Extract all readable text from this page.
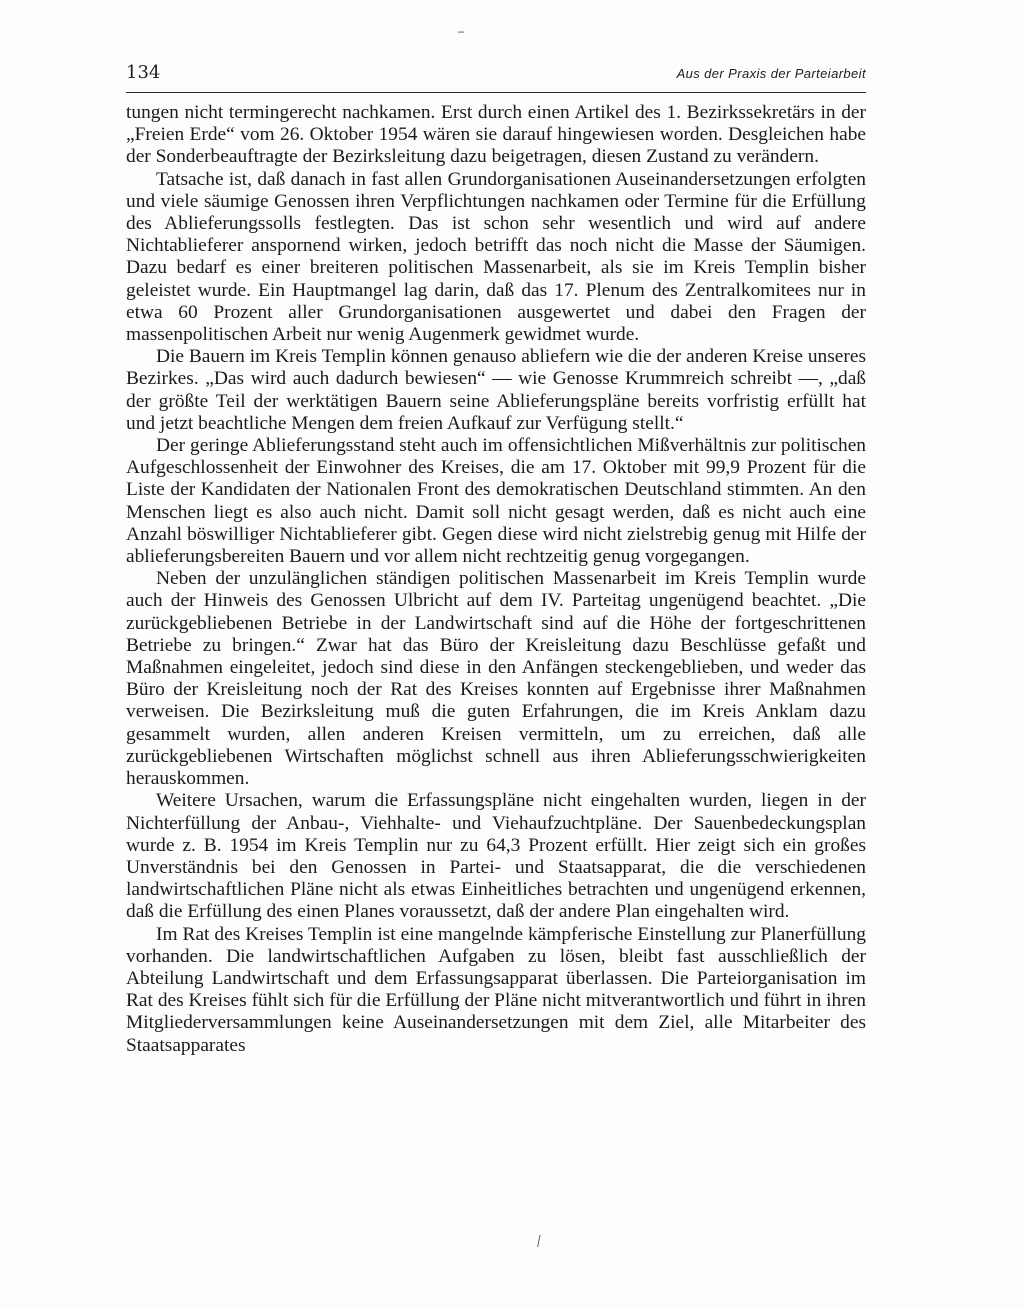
‾
134	Aus der Praxis der Parteiarbeit

tungen nicht termingerecht nachkamen. Erst durch einen Artikel des 1. Bezirkssekretärs in der „Freien Erde“ vom 26. Oktober 1954 wären sie darauf hingewiesen worden. Desgleichen habe der Sonderbeauftragte der Bezirksleitung dazu beigetragen, diesen Zustand zu verändern.

Tatsache ist, daß danach in fast allen Grundorganisationen Auseinandersetzungen erfolgten und viele säumige Genossen ihren Verpflichtungen nachkamen oder Termine für die Erfüllung des Ablieferungssolls festlegten. Das ist schon sehr wesentlich und wird auf andere Nichtablieferer anspornend wirken, jedoch betrifft das noch nicht die Masse der Säumigen. Dazu bedarf es einer breiteren politischen Massenarbeit, als sie im Kreis Templin bisher geleistet wurde. Ein Hauptmangel lag darin, daß das 17. Plenum des Zentralkomitees nur in etwa 60 Prozent aller Grundorganisationen ausgewertet und dabei den Fragen der massenpolitischen Arbeit nur wenig Augenmerk gewidmet wurde.

Die Bauern im Kreis Templin können genauso abliefern wie die der anderen Kreise unseres Bezirkes. „Das wird auch dadurch bewiesen“ — wie Genosse Krummreich schreibt —, „daß der größte Teil der werktätigen Bauern seine Ablieferungspläne bereits vorfristig erfüllt hat und jetzt beachtliche Mengen dem freien Aufkauf zur Verfügung stellt.“

Der geringe Ablieferungsstand steht auch im offensichtlichen Mißverhältnis zur politischen Aufgeschlossenheit der Einwohner des Kreises, die am 17. Oktober mit 99,9 Prozent für die Liste der Kandidaten der Nationalen Front des demokratischen Deutschland stimmten. An den Menschen liegt es also auch nicht. Damit soll nicht gesagt werden, daß es nicht auch eine Anzahl böswilliger Nichtablieferer gibt. Gegen diese wird nicht zielstrebig genug mit Hilfe der ablieferungsbereiten Bauern und vor allem nicht rechtzeitig genug vorgegangen.

Neben der unzulänglichen ständigen politischen Massenarbeit im Kreis Templin wurde auch der Hinweis des Genossen Ulbricht auf dem IV. Parteitag ungenügend beachtet. „Die zurückgebliebenen Betriebe in der Landwirtschaft sind auf die Höhe der fortgeschrittenen Betriebe zu bringen.“ Zwar hat das Büro der Kreisleitung dazu Beschlüsse gefaßt und Maßnahmen eingeleitet, jedoch sind diese in den Anfängen steckengeblieben, und weder das Büro der Kreisleitung noch der Rat des Kreises konnten auf Ergebnisse ihrer Maßnahmen verweisen. Die Bezirksleitung muß die guten Erfahrungen, die im Kreis Anklam dazu gesammelt wurden, allen anderen Kreisen vermitteln, um zu erreichen, daß alle zurückgebliebenen Wirtschaften möglichst schnell aus ihren Ablieferungsschwierigkeiten herauskommen.

Weitere Ursachen, warum die Erfassungspläne nicht eingehalten wurden, liegen in der Nichterfüllung der Anbau-, Viehhalte- und Viehaufzuchtpläne. Der Sauenbedeckungsplan wurde z. B. 1954 im Kreis Templin nur zu 64,3 Prozent erfüllt. Hier zeigt sich ein großes Unverständnis bei den Genossen in Partei- und Staatsapparat, die die verschiedenen landwirtschaftlichen Pläne nicht als etwas Einheitliches betrachten und ungenügend erkennen, daß die Erfüllung des einen Planes voraussetzt, daß der andere Plan eingehalten wird.

Im Rat des Kreises Templin ist eine mangelnde kämpferische Einstellung zur Planerfüllung vorhanden. Die landwirtschaftlichen Aufgaben zu lösen, bleibt fast ausschließlich der Abteilung Landwirtschaft und dem Erfassungsapparat überlassen. Die Parteiorganisation im Rat des Kreises fühlt sich für die Erfüllung der Pläne nicht mitverantwortlich und führt in ihren Mitgliederversammlungen keine Auseinandersetzungen mit dem Ziel, alle Mitarbeiter des Staatsapparates

⁄
